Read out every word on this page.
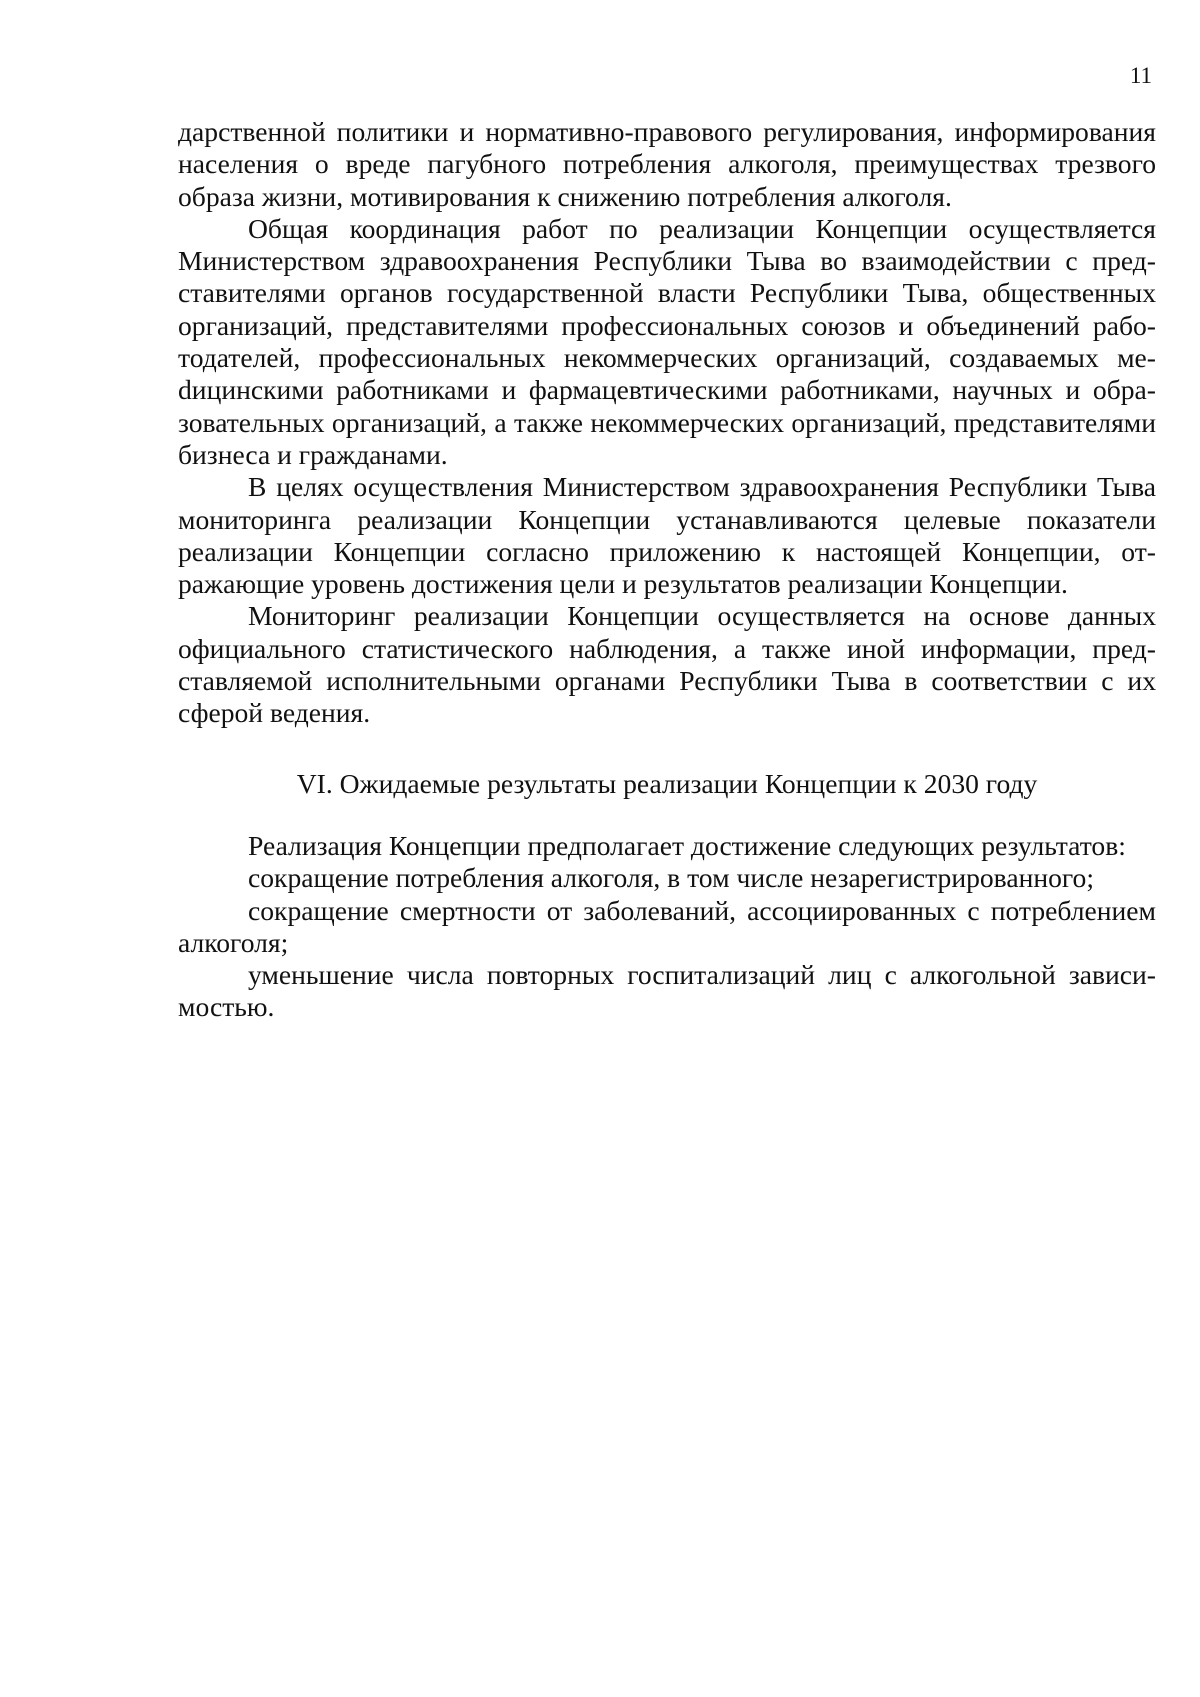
11

дарственной политики и нормативно-правового регулирования, информирования населения о вреде пагубного потребления алкоголя, преимуществах трезвого образа жизни, мотивирования к снижению потребления алкоголя.

Общая координация работ по реализации Концепции осуществляется Министерством здравоохранения Республики Тыва во взаимодействии с представителями органов государственной власти Республики Тыва, общественных организаций, представителями профессиональных союзов и объединений работодателей, профессиональных некоммерческих организаций, создаваемых меdицинскими работниками и фармацевтическими работниками, научных и образовательных организаций, а также некоммерческих организаций, представителями бизнеса и гражданами.

В целях осуществления Министерством здравоохранения Республики Тыва мониторинга реализации Концепции устанавливаются целевые показатели реализации Концепции согласно приложению к настоящей Концепции, отражающие уровень достижения цели и результатов реализации Концепции.

Мониторинг реализации Концепции осуществляется на основе данных официального статистического наблюдения, а также иной информации, представляемой исполнительными органами Республики Тыва в соответствии с их сферой ведения.

VI. Ожидаемые результаты реализации Концепции к 2030 году

Реализация Концепции предполагает достижение следующих результатов:

сокращение потребления алкоголя, в том числе незарегистрированного;

сокращение смертности от заболеваний, ассоциированных с потреблением алкоголя;

уменьшение числа повторных госпитализаций лиц с алкогольной зависимостью.
